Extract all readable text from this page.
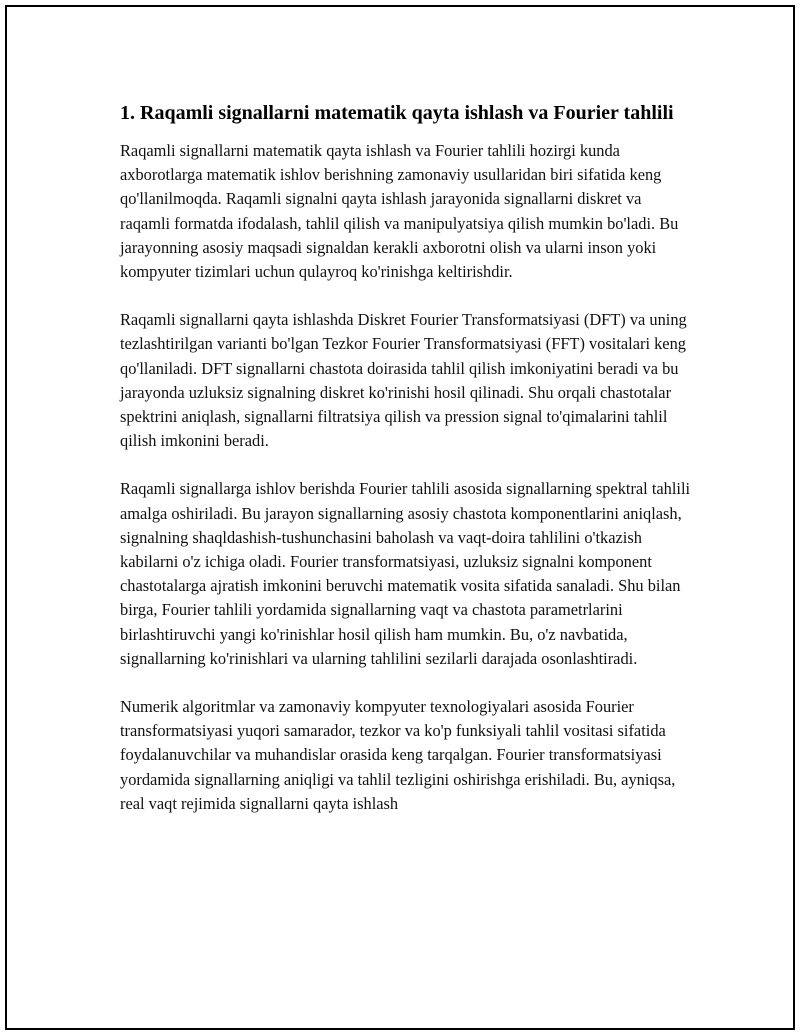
1. Raqamli signallarni matematik qayta ishlash va Fourier tahlili

Raqamli signallarni matematik qayta ishlash va Fourier tahlili hozirgi kunda axborotlarga matematik ishlov berishning zamonaviy usullaridan biri sifatida keng qo'llanilmoqda. Raqamli signalni qayta ishlash jarayonida signallarni diskret va raqamli formatda ifodalash, tahlil qilish va manipulyatsiya qilish mumkin bo'ladi. Bu jarayonning asosiy maqsadi signaldan kerakli axborotni olish va ularni inson yoki kompyuter tizimlari uchun qulayroq ko'rinishga keltirishdir.

Raqamli signallarni qayta ishlashda Diskret Fourier Transformatsiyasi (DFT) va uning tezlashtirilgan varianti bo'lgan Tezkor Fourier Transformatsiyasi (FFT) vositalari keng qo'llaniladi. DFT signallarni chastota doirasida tahlil qilish imkoniyatini beradi va bu jarayonda uzluksiz signalning diskret ko'rinishi hosil qilinadi. Shu orqali chastotalar spektrini aniqlash, signallarni filtratsiya qilish va pression signal to'qimalarini tahlil qilish imkonini beradi.

Raqamli signallarga ishlov berishda Fourier tahlili asosida signallarning spektral tahlili amalga oshiriladi. Bu jarayon signallarning asosiy chastota komponentlarini aniqlash, signalning shaqldashish-tushunchasini baholash va vaqt-doira tahlilini o'tkazish kabilarni o'z ichiga oladi. Fourier transformatsiyasi, uzluksiz signalni komponent chastotalarga ajratish imkonini beruvchi matematik vosita sifatida sanaladi. Shu bilan birga, Fourier tahlili yordamida signallarning vaqt va chastota parametrlarini birlashtiruvchi yangi ko'rinishlar hosil qilish ham mumkin. Bu, o'z navbatida, signallarning ko'rinishlari va ularning tahlilini sezilarli darajada osonlashtiradi.

Numerik algoritmlar va zamonaviy kompyuter texnologiyalari asosida Fourier transformatsiyasi yuqori samarador, tezkor va ko'p funksiyali tahlil vositasi sifatida foydalanuvchilar va muhandislar orasida keng tarqalgan. Fourier transformatsiyasi yordamida signallarning aniqligi va tahlil tezligini oshirishga erishiladi. Bu, ayniqsa, real vaqt rejimida signallarni qayta ishlash
